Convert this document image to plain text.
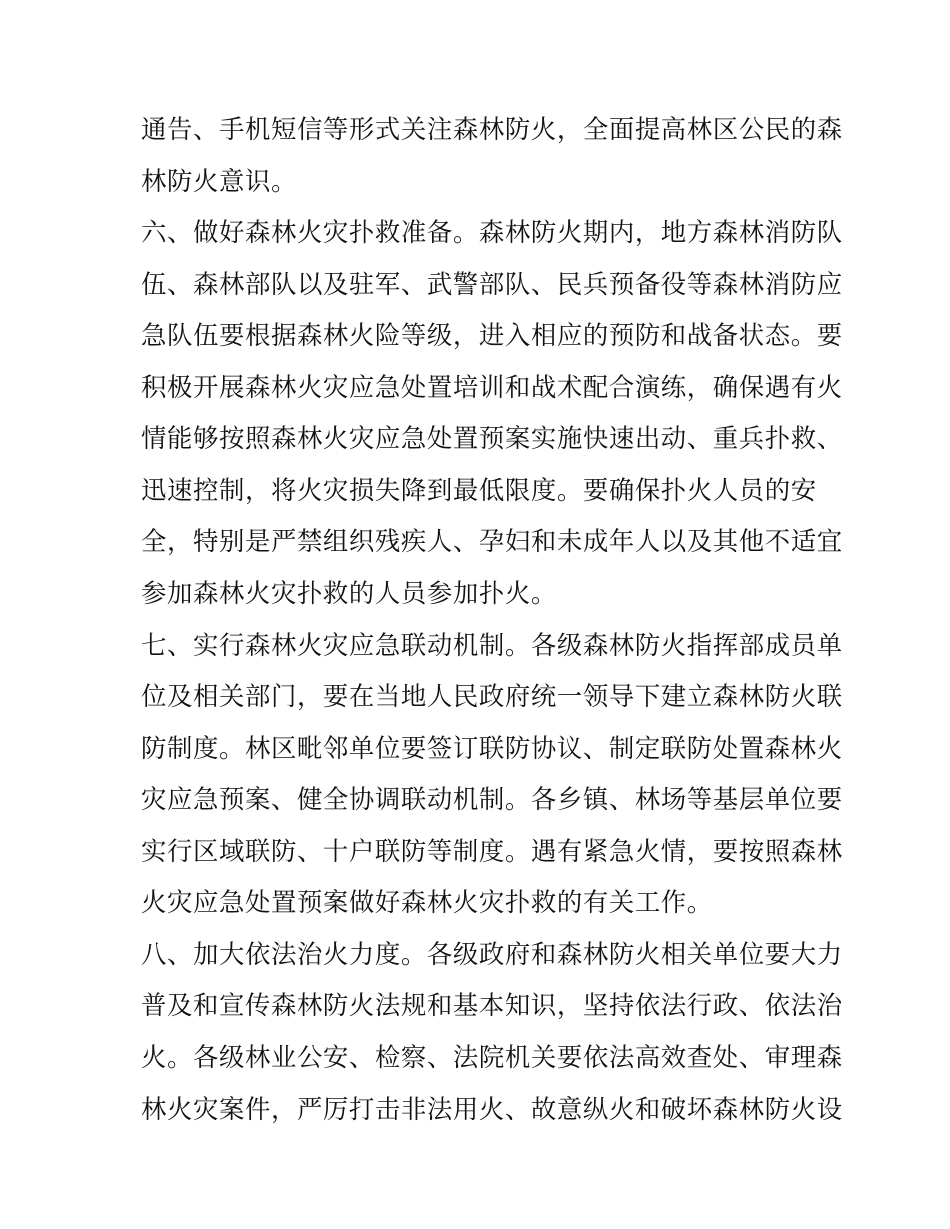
通告、手机短信等形式关注森林防火，全面提高林区公民的森
林防火意识。
六、做好森林火灾扑救准备。森林防火期内，地方森林消防队
伍、森林部队以及驻军、武警部队、民兵预备役等森林消防应
急队伍要根据森林火险等级，进入相应的预防和战备状态。要
积极开展森林火灾应急处置培训和战术配合演练，确保遇有火
情能够按照森林火灾应急处置预案实施快速出动、重兵扑救、
迅速控制，将火灾损失降到最低限度。要确保扑火人员的安
全，特别是严禁组织残疾人、孕妇和未成年人以及其他不适宜
参加森林火灾扑救的人员参加扑火。
七、实行森林火灾应急联动机制。各级森林防火指挥部成员单
位及相关部门，要在当地人民政府统一领导下建立森林防火联
防制度。林区毗邻单位要签订联防协议、制定联防处置森林火
灾应急预案、健全协调联动机制。各乡镇、林场等基层单位要
实行区域联防、十户联防等制度。遇有紧急火情，要按照森林
火灾应急处置预案做好森林火灾扑救的有关工作。
八、加大依法治火力度。各级政府和森林防火相关单位要大力
普及和宣传森林防火法规和基本知识，坚持依法行政、依法治
火。各级林业公安、检察、法院机关要依法高效查处、审理森
林火灾案件，严厉打击非法用火、故意纵火和破坏森林防火设
